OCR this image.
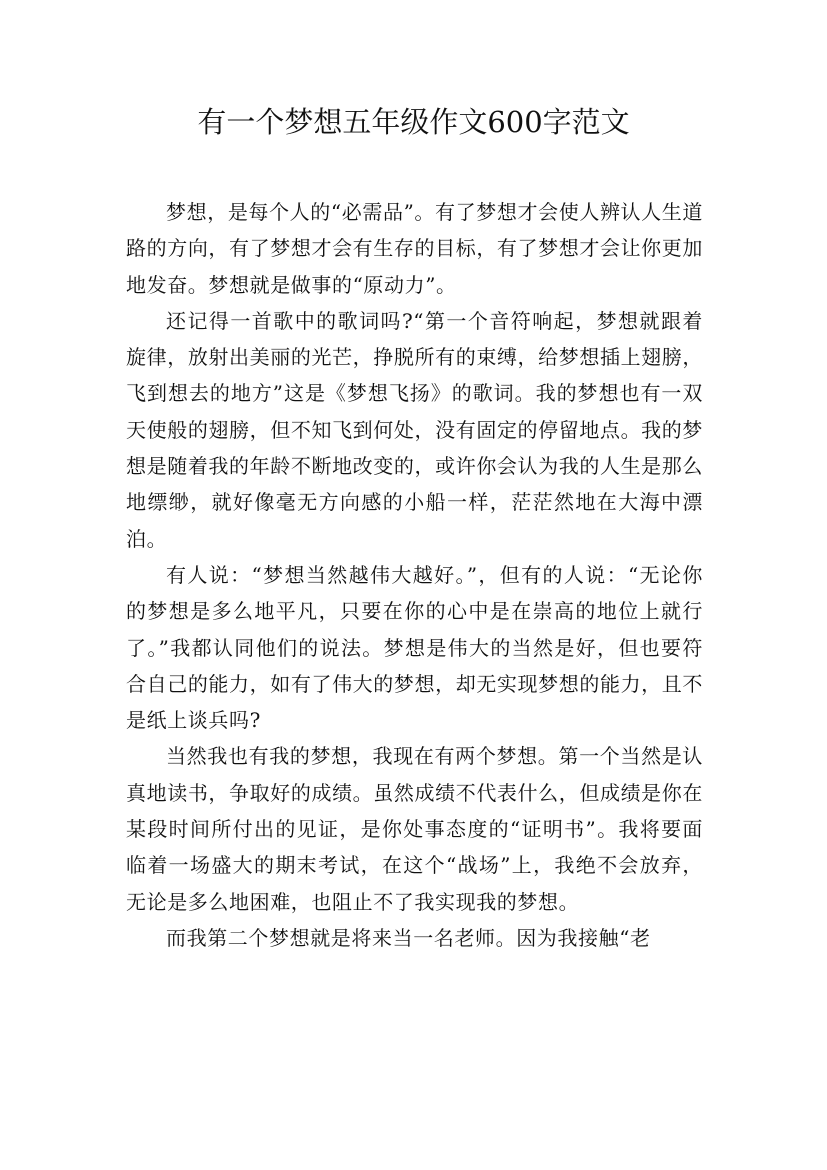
有一个梦想五年级作文600字范文

梦想，是每个人的“必需品”。有了梦想才会使人辨认人生道路的方向，有了梦想才会有生存的目标，有了梦想才会让你更加地发奋。梦想就是做事的“原动力”。

还记得一首歌中的歌词吗?“第一个音符响起，梦想就跟着旋律，放射出美丽的光芒，挣脱所有的束缚，给梦想插上翅膀，飞到想去的地方”这是《梦想飞扬》的歌词。我的梦想也有一双天使般的翅膀，但不知飞到何处，没有固定的停留地点。我的梦想是随着我的年龄不断地改变的，或许你会认为我的人生是那么地缥缈，就好像毫无方向感的小船一样，茫茫然地在大海中漂泊。

有人说：“梦想当然越伟大越好。”，但有的人说：“无论你的梦想是多么地平凡，只要在你的心中是在崇高的地位上就行了。”我都认同他们的说法。梦想是伟大的当然是好，但也要符合自己的能力，如有了伟大的梦想，却无实现梦想的能力，且不是纸上谈兵吗?

当然我也有我的梦想，我现在有两个梦想。第一个当然是认真地读书，争取好的成绩。虽然成绩不代表什么，但成绩是你在某段时间所付出的见证，是你处事态度的“证明书”。我将要面临着一场盛大的期末考试，在这个“战场”上，我绝不会放弃，无论是多么地困难，也阻止不了我实现我的梦想。

而我第二个梦想就是将来当一名老师。因为我接触“老
